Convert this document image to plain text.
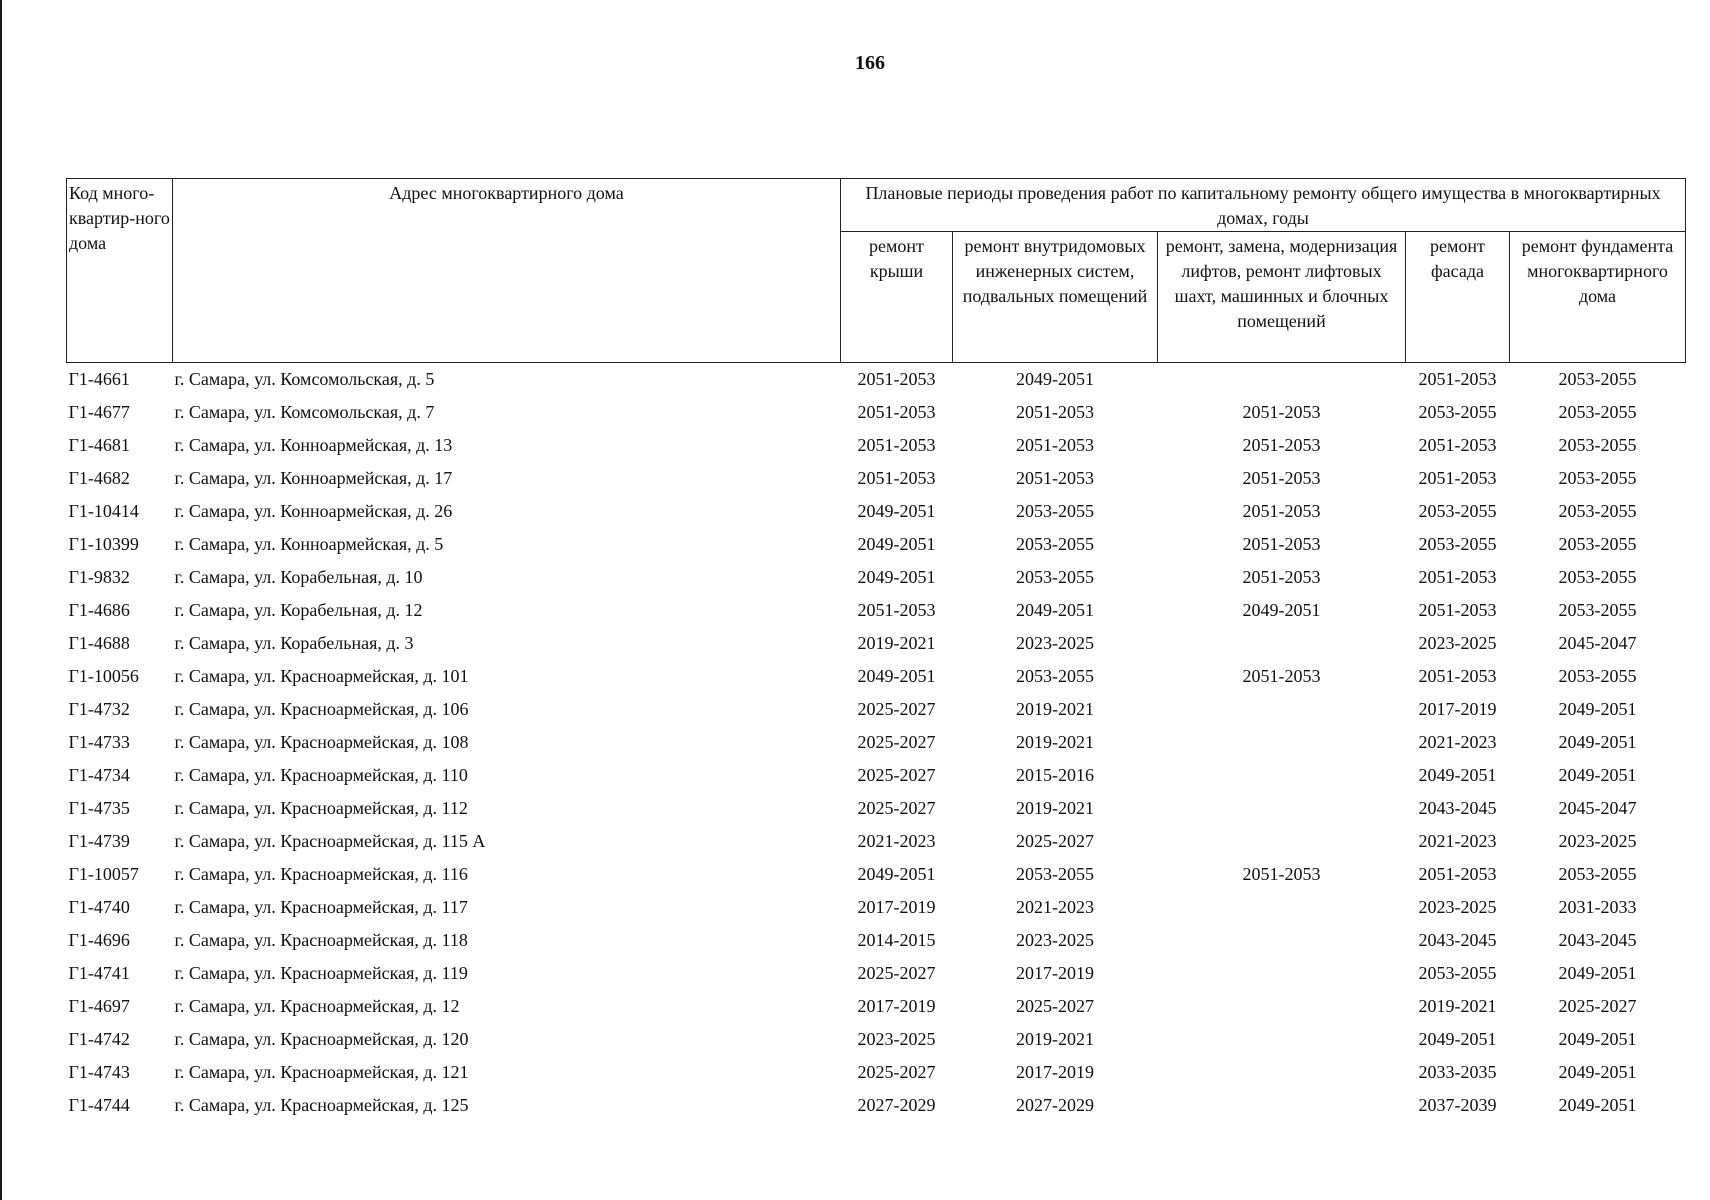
166
Код много-квартир-ного дома	Адрес многоквартирного дома	Плановые периоды проведения работ по капитальному ремонту общего имущества в многоквартирных домах, годы				
		ремонт крыши	ремонт внутридомовых инженерных систем, подвальных помещений	ремонт, замена, модернизация лифтов, ремонт лифтовых шахт, машинных и блочных помещений	ремонт фасада	ремонт фундамента многоквартирного дома
Г1-4661	г. Самара, ул. Комсомольская, д. 5	2051-2053	2049-2051		2051-2053	2053-2055
Г1-4677	г. Самара, ул. Комсомольская, д. 7	2051-2053	2051-2053	2051-2053	2053-2055	2053-2055
Г1-4681	г. Самара, ул. Конноармейская, д. 13	2051-2053	2051-2053	2051-2053	2051-2053	2053-2055
Г1-4682	г. Самара, ул. Конноармейская, д. 17	2051-2053	2051-2053	2051-2053	2051-2053	2053-2055
Г1-10414	г. Самара, ул. Конноармейская, д. 26	2049-2051	2053-2055	2051-2053	2053-2055	2053-2055
Г1-10399	г. Самара, ул. Конноармейская, д. 5	2049-2051	2053-2055	2051-2053	2053-2055	2053-2055
Г1-9832	г. Самара, ул. Корабельная, д. 10	2049-2051	2053-2055	2051-2053	2051-2053	2053-2055
Г1-4686	г. Самара, ул. Корабельная, д. 12	2051-2053	2049-2051	2049-2051	2051-2053	2053-2055
Г1-4688	г. Самара, ул. Корабельная, д. 3	2019-2021	2023-2025		2023-2025	2045-2047
Г1-10056	г. Самара, ул. Красноармейская, д. 101	2049-2051	2053-2055	2051-2053	2051-2053	2053-2055
Г1-4732	г. Самара, ул. Красноармейская, д. 106	2025-2027	2019-2021		2017-2019	2049-2051
Г1-4733	г. Самара, ул. Красноармейская, д. 108	2025-2027	2019-2021		2021-2023	2049-2051
Г1-4734	г. Самара, ул. Красноармейская, д. 110	2025-2027	2015-2016		2049-2051	2049-2051
Г1-4735	г. Самара, ул. Красноармейская, д. 112	2025-2027	2019-2021		2043-2045	2045-2047
Г1-4739	г. Самара, ул. Красноармейская, д. 115 А	2021-2023	2025-2027		2021-2023	2023-2025
Г1-10057	г. Самара, ул. Красноармейская, д. 116	2049-2051	2053-2055	2051-2053	2051-2053	2053-2055
Г1-4740	г. Самара, ул. Красноармейская, д. 117	2017-2019	2021-2023		2023-2025	2031-2033
Г1-4696	г. Самара, ул. Красноармейская, д. 118	2014-2015	2023-2025		2043-2045	2043-2045
Г1-4741	г. Самара, ул. Красноармейская, д. 119	2025-2027	2017-2019		2053-2055	2049-2051
Г1-4697	г. Самара, ул. Красноармейская, д. 12	2017-2019	2025-2027		2019-2021	2025-2027
Г1-4742	г. Самара, ул. Красноармейская, д. 120	2023-2025	2019-2021		2049-2051	2049-2051
Г1-4743	г. Самара, ул. Красноармейская, д. 121	2025-2027	2017-2019		2033-2035	2049-2051
Г1-4744	г. Самара, ул. Красноармейская, д. 125	2027-2029	2027-2029		2037-2039	2049-2051
